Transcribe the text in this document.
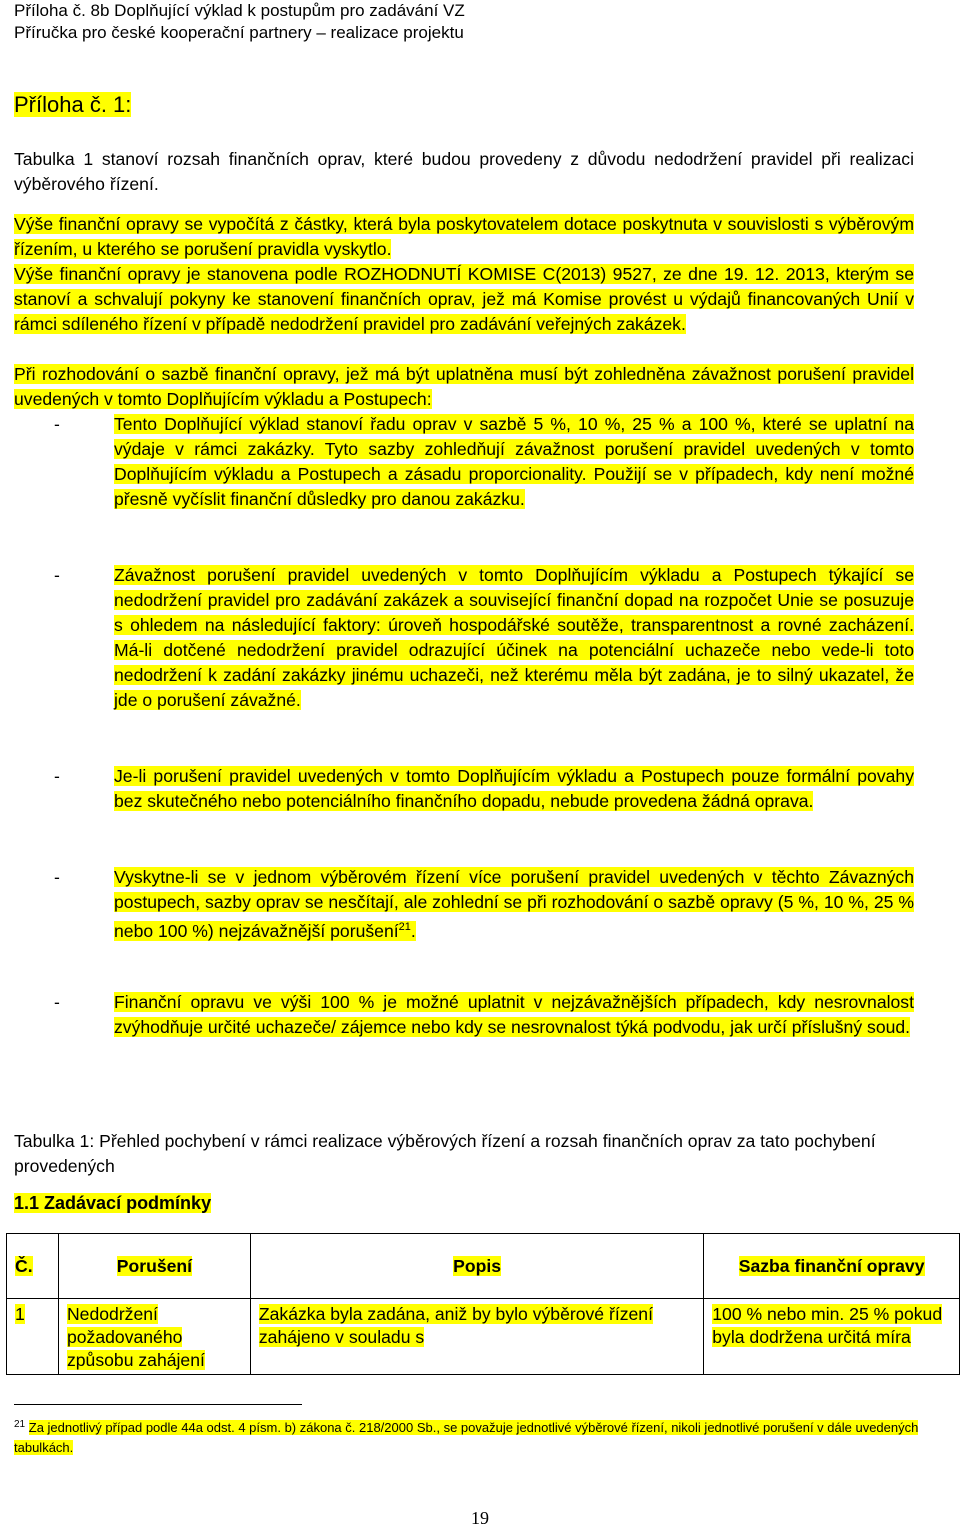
Příloha č. 8b Doplňující výklad k postupům pro zadávání VZ
Příručka pro české kooperační partnery – realizace projektu
Příloha č. 1:
Tabulka 1 stanoví rozsah finančních oprav, které budou provedeny z důvodu nedodržení pravidel při realizaci výběrového řízení.
Výše finanční opravy se vypočítá z částky, která byla poskytovatelem dotace poskytnuta v souvislosti s výběrovým řízením, u kterého se porušení pravidla vyskytlo.
Výše finanční opravy je stanovena podle ROZHODNUTÍ KOMISE C(2013) 9527, ze dne 19. 12. 2013, kterým se stanoví a schvalují pokyny ke stanovení finančních oprav, jež má Komise provést u výdajů financovaných Unií v rámci sdíleného řízení v případě nedodržení pravidel pro zadávání veřejných zakázek.
Při rozhodování o sazbě finanční opravy, jež má být uplatněna musí být zohledněna závažnost porušení pravidel uvedených v tomto Doplňujícím výkladu a Postupech:
-	Tento Doplňující výklad stanoví řadu oprav v sazbě 5 %, 10 %, 25 % a 100 %, které se uplatní na výdaje v rámci zakázky. Tyto sazby zohledňují závažnost porušení pravidel uvedených v tomto Doplňujícím výkladu a Postupech a zásadu proporcionality. Použijí se v případech, kdy není možné přesně vyčíslit finanční důsledky pro danou zakázku.
-	Závažnost porušení pravidel uvedených v tomto Doplňujícím výkladu a Postupech týkající se nedodržení pravidel pro zadávání zakázek a související finanční dopad na rozpočet Unie se posuzuje s ohledem na následující faktory: úroveň hospodářské soutěže, transparentnost a rovné zacházení. Má-li dotčené nedodržení pravidel odrazující účinek na potenciální uchazeče nebo vede-li toto nedodržení k zadání zakázky jinému uchazeči, než kterému měla být zadána, je to silný ukazatel, že jde o porušení závažné.
-	Je-li porušení pravidel uvedených v tomto Doplňujícím výkladu a Postupech pouze formální povahy bez skutečného nebo potenciálního finančního dopadu, nebude provedena žádná oprava.
-	Vyskytne-li se v jednom výběrovém řízení více porušení pravidel uvedených v těchto Závazných postupech, sazby oprav se nesčítají, ale zohlední se při rozhodování o sazbě opravy (5 %, 10 %, 25 % nebo 100 %) nejzávažnější porušení$^{21}$.
-	Finanční opravu ve výši 100 % je možné uplatnit v nejzávažnějších případech, kdy nesrovnalost zvýhodňuje určité uchazeče/ zájemce nebo kdy se nesrovnalost týká podvodu, jak určí příslušný soud.
Tabulka 1: Přehled pochybení v rámci realizace výběrových řízení a rozsah finančních oprav za tato pochybení provedených
1.1 Zadávací podmínky
Č.	Porušení	Popis	Sazba finanční opravy
1	Nedodržení požadovaného způsobu zahájení	Zakázka byla zadána, aniž by bylo výběrové řízení zahájeno v souladu s	100 % nebo min. 25 % pokud byla dodržena určitá míra
$^{21}$ Za jednotlivý případ podle 44a odst. 4 písm. b) zákona č. 218/2000 Sb., se považuje jednotlivé výběrové řízení, nikoli jednotlivé porušení v dále uvedených tabulkách.
19
